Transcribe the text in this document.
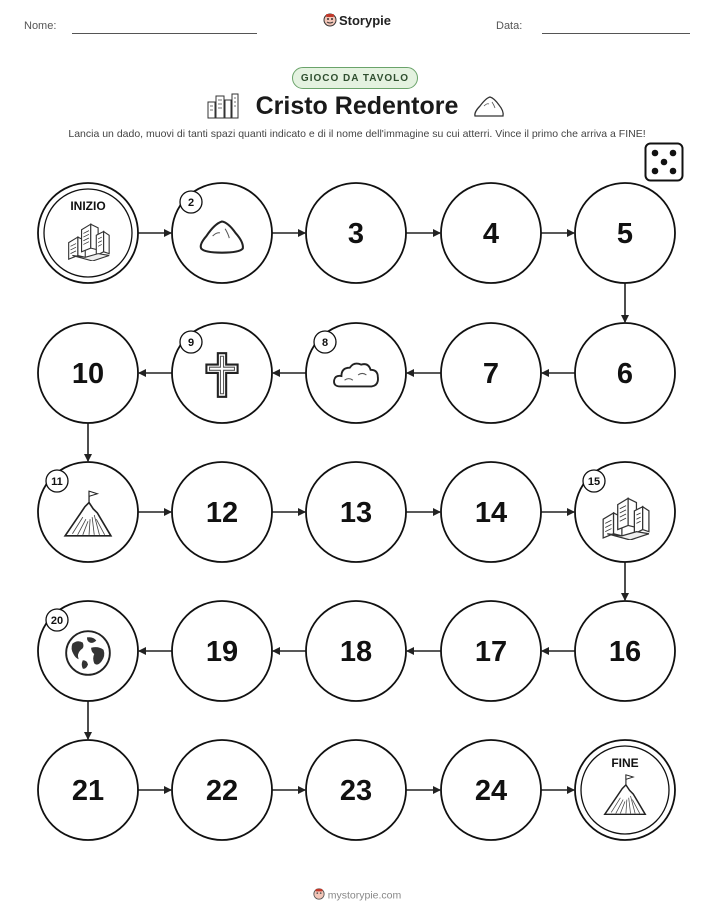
Nome:	Storypie	Data:
GIOCO DA TAVOLO
Cristo Redentore
Lancia un dado, muovi di tanti spazi quanti indicato e di il nome dell'immagine su cui atterri. Vince il primo che arriva a FINE!
INIZIO	2
3	4	5
6
7
8
9
10
11
12	13	14
15
16
17
18
19
20
21	22	23	24
FINE
mystorypie.com
